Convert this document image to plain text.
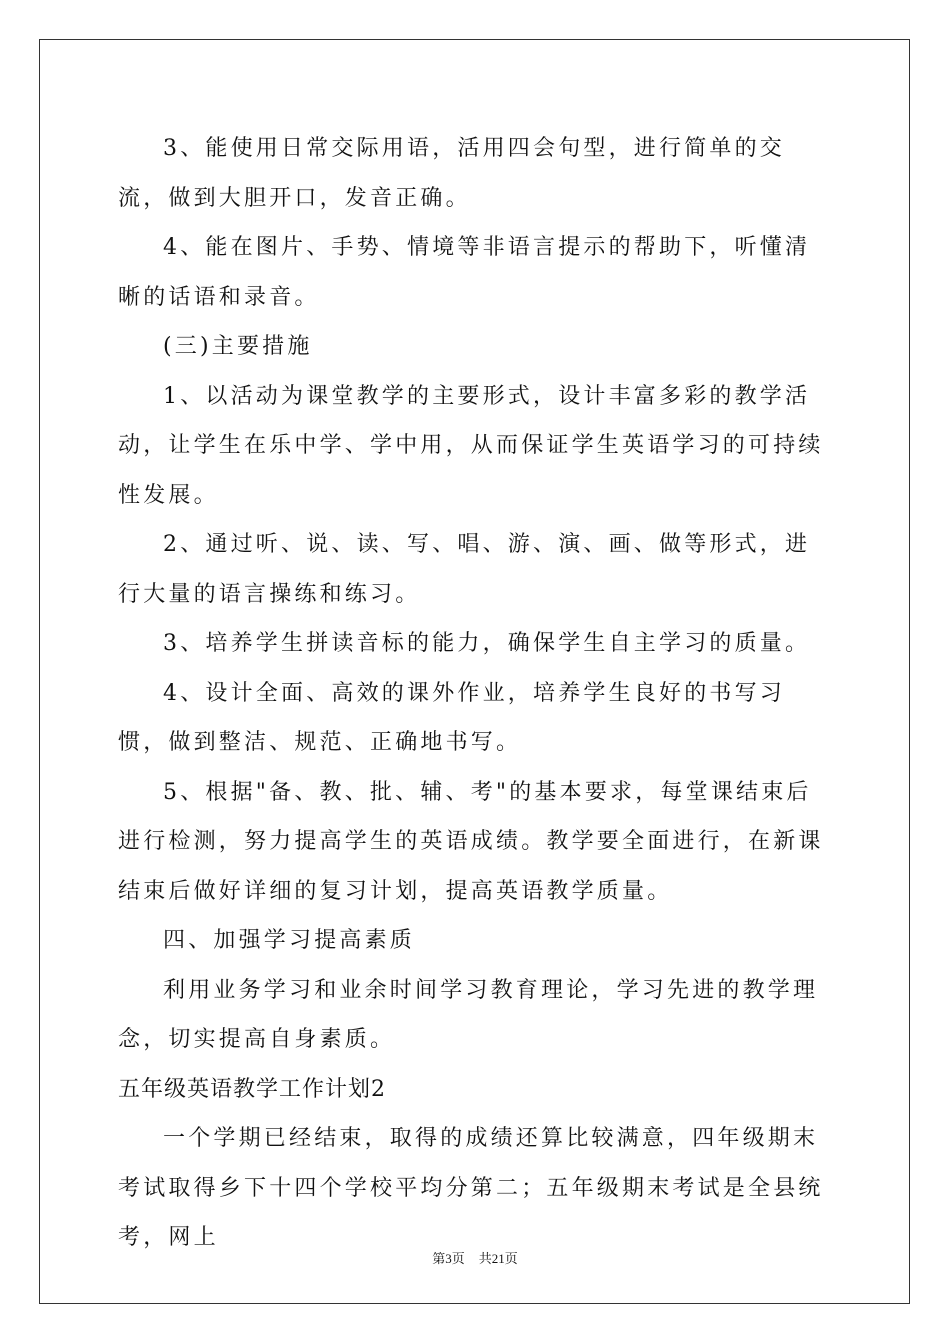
3、能使用日常交际用语，活用四会句型，进行简单的交流，做到大胆开口，发音正确。

4、能在图片、手势、情境等非语言提示的帮助下，听懂清晰的话语和录音。

(三)主要措施

1、以活动为课堂教学的主要形式，设计丰富多彩的教学活动，让学生在乐中学、学中用，从而保证学生英语学习的可持续性发展。

2、通过听、说、读、写、唱、游、演、画、做等形式，进行大量的语言操练和练习。

3、培养学生拼读音标的能力，确保学生自主学习的质量。

4、设计全面、高效的课外作业，培养学生良好的书写习惯，做到整洁、规范、正确地书写。

5、根据"备、教、批、辅、考"的基本要求，每堂课结束后进行检测，努力提高学生的英语成绩。教学要全面进行，在新课结束后做好详细的复习计划，提高英语教学质量。

四、加强学习提高素质

利用业务学习和业余时间学习教育理论，学习先进的教学理念，切实提高自身素质。

五年级英语教学工作计划2

一个学期已经结束，取得的成绩还算比较满意，四年级期末考试取得乡下十四个学校平均分第二；五年级期末考试是全县统考，网上

第3页 共21页
